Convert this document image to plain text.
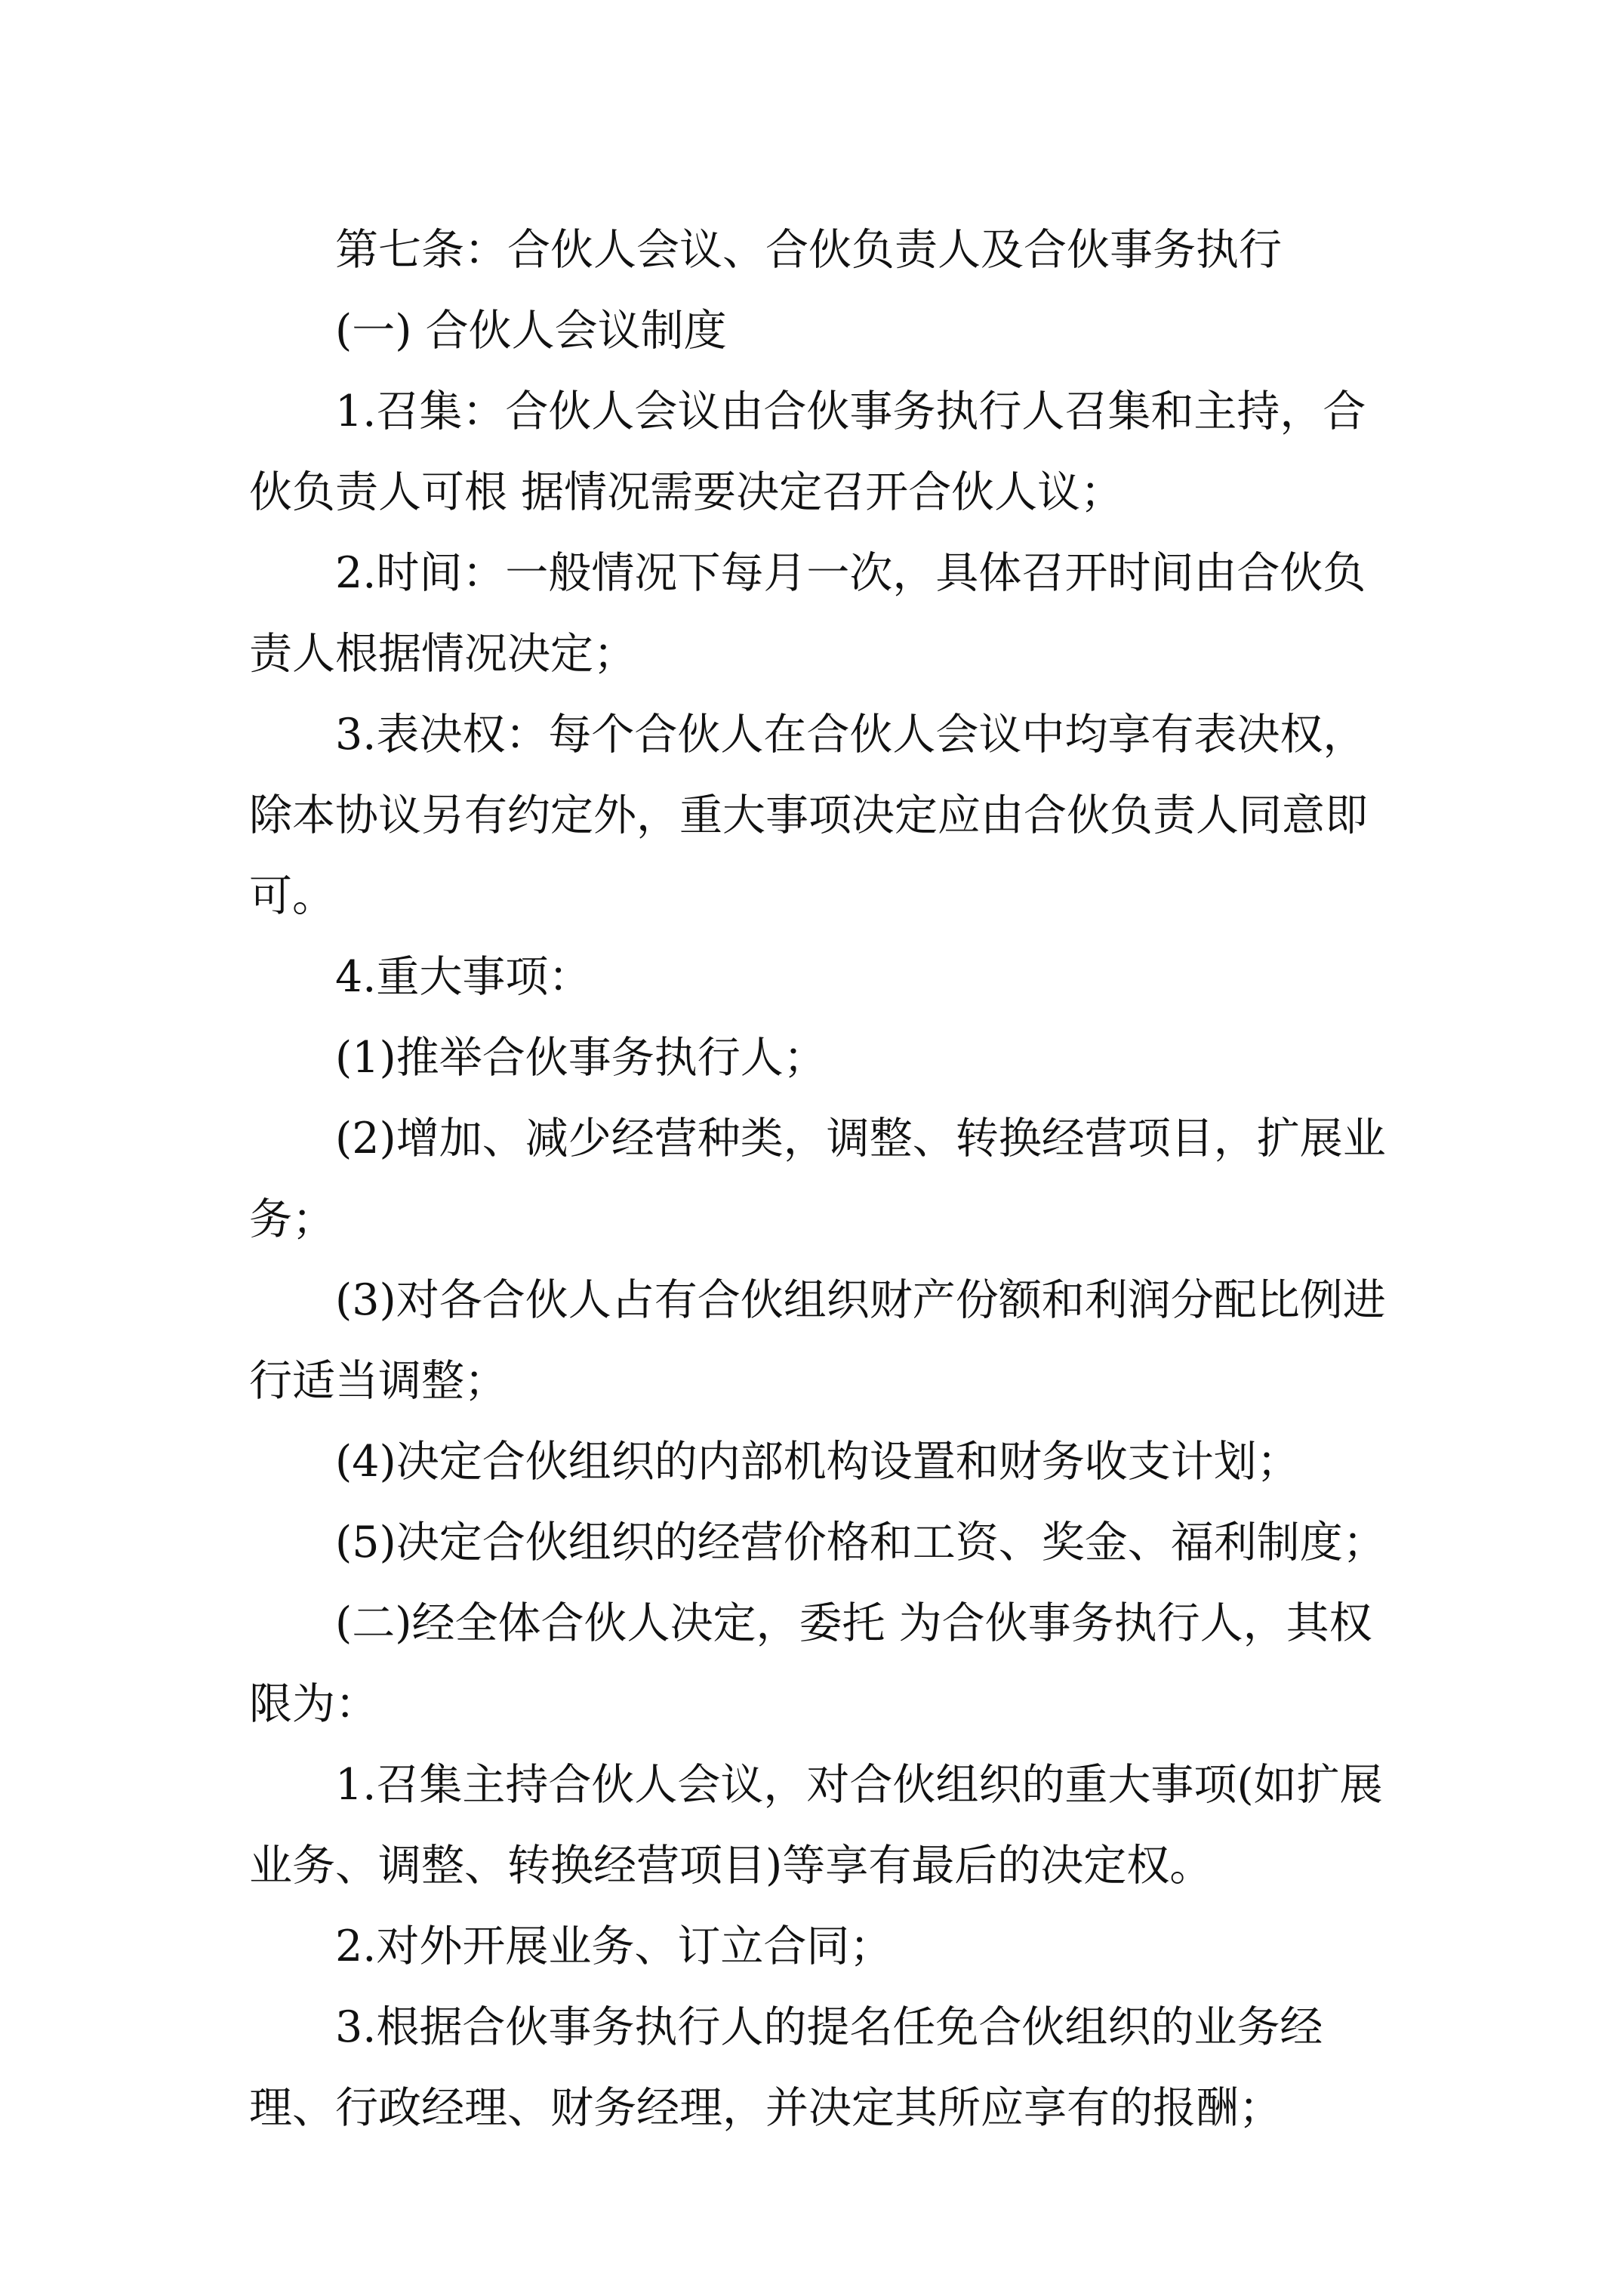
第七条：合伙人会议、合伙负责人及合伙事务执行

(一) 合伙人会议制度

1.召集：合伙人会议由合伙事务执行人召集和主持，合伙负责人可根 据情况需要决定召开合伙人议；

2.时间：一般情况下每月一次，具体召开时间由合伙负责人根据情况决定；

3.表决权：每个合伙人在合伙人会议中均享有表决权，除本协议另有约定外，重大事项决定应由合伙负责人同意即可。

4.重大事项：

(1)推举合伙事务执行人；

(2)增加、减少经营种类，调整、转换经营项目，扩展业务；

(3)对各合伙人占有合伙组织财产份额和利润分配比例进行适当调整；

(4)决定合伙组织的内部机构设置和财务收支计划；

(5)决定合伙组织的经营价格和工资、奖金、福利制度；

(二)经全体合伙人决定，委托 为合伙事务执行人，其权限为：

1.召集主持合伙人会议，对合伙组织的重大事项(如扩展业务、调整、转换经营项目)等享有最后的决定权。

2.对外开展业务、订立合同；

3.根据合伙事务执行人的提名任免合伙组织的业务经理、行政经理、财务经理，并决定其所应享有的报酬；
